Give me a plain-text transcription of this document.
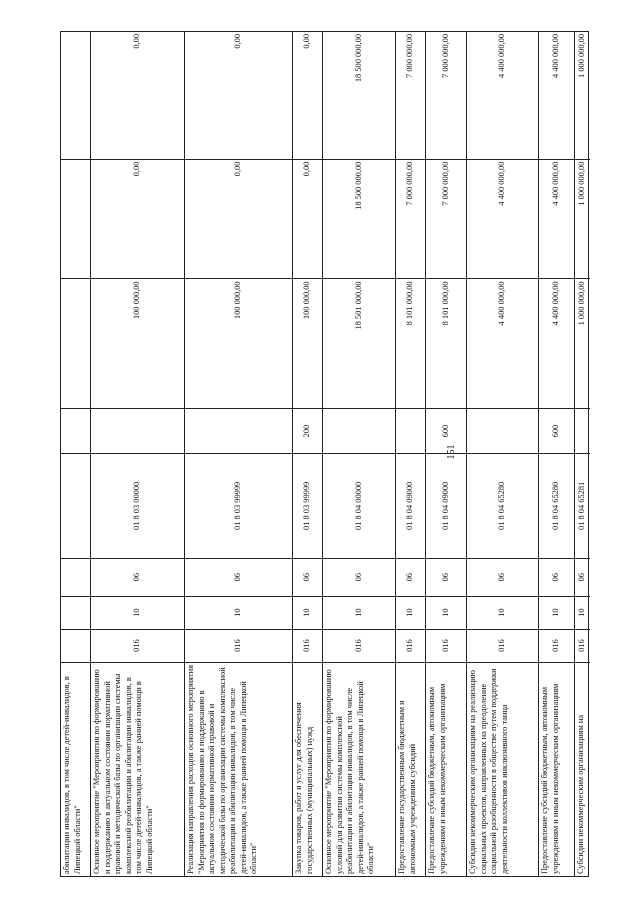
151
абилитации инвалидов, в том числе детей-инвалидов, в Липецкой области"	Основное мероприятие "Мероприятия по формированию и поддержанию в актуальном состоянии нормативной правовой и методической базы по организации системы комплексной реабилитации и абилитации инвалидов, в том числе детей-инвалидов, а также ранней помощи в Липецкой области"
016
10
06
01 8 03 00000
100 000,00
0,00
0,00
Реализация направления расходов основного мероприятия "Мероприятия по формированию и поддержанию в актуальном состоянии нормативной правовой и методической базы по организации системы комплексной реабилитации и абилитации инвалидов, в том числе детей-инвалидов, а также ранней помощи в Липецкой области"
016
10
06
01 8 03 99999
100 000,00
0,00
0,00
Закупка товаров, работ и услуг для обеспечения государственных (муниципальных) нужд
016
10
06
01 8 03 99999
200
100 000,00
0,00
0,00
Основное мероприятие "Мероприятия по формированию условий для развития системы комплексной реабилитации и абилитации инвалидов, в том числе детей-инвалидов, а также ранней помощи в Липецкой области"
016
10
06
01 8 04 00000
18 501 000,00
18 500 000,00
18 500 000,00
Предоставление государственным бюджетным и автономным учреждениям субсидий
016
10
06
01 8 04 09000
8 101 000,00
7 000 000,00
7 000 000,00
Предоставление субсидий бюджетным, автономным учреждениям и иным некоммерческим организациям
016
10
06
01 8 04 09000
600
8 101 000,00
7 000 000,00
7 000 000,00
Субсидии некоммерческим организациям на реализацию социальных проектов, направленных на преодоление социальной разобщенности в обществе путем поддержки деятельности коллективов инклюзивного танца
016
10
06
01 8 04 65280
4 400 000,00
4 400 000,00
4 400 000,00
Предоставление субсидий бюджетным, автономным учреждениям и иным некоммерческим организациям
016
10
06
01 8 04 65280
600
4 400 000,00
4 400 000,00
4 400 000,00
Субсидии некоммерческим организациям на
016
10
06
01 8 04 65281
1 000 000,00
1 000 000,00
1 000 000,00
